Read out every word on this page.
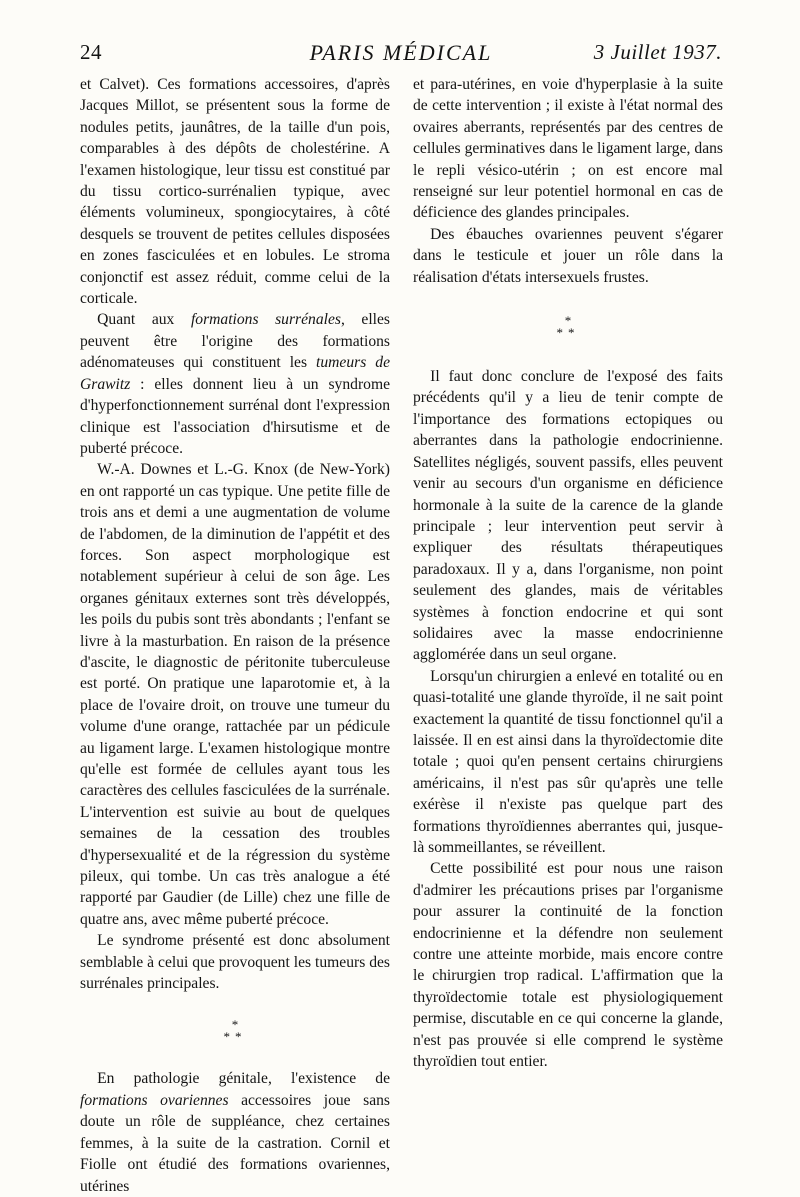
24	PARIS MÉDICAL	3 Juillet 1937.

et Calvet). Ces formations accessoires, d'après Jacques Millot, se présentent sous la forme de nodules petits, jaunâtres, de la taille d'un pois, comparables à des dépôts de cholestérine. A l'examen histologique, leur tissu est constitué par du tissu cortico-surrénalien typique, avec éléments volumineux, spongiocytaires, à côté desquels se trouvent de petites cellules disposées en zones fasciculées et en lobules. Le stroma conjonctif est assez réduit, comme celui de la corticale.

Quant aux formations surrénales, elles peuvent être l'origine des formations adénomateuses qui constituent les tumeurs de Grawitz : elles donnent lieu à un syndrome d'hyperfonctionnement surrénal dont l'expression clinique est l'association d'hirsutisme et de puberté précoce.

W.-A. Downes et L.-G. Knox (de New-York) en ont rapporté un cas typique. Une petite fille de trois ans et demi a une augmentation de volume de l'abdomen, de la diminution de l'appétit et des forces. Son aspect morphologique est notablement supérieur à celui de son âge. Les organes génitaux externes sont très développés, les poils du pubis sont très abondants ; l'enfant se livre à la masturbation. En raison de la présence d'ascite, le diagnostic de péritonite tuberculeuse est porté. On pratique une laparotomie et, à la place de l'ovaire droit, on trouve une tumeur du volume d'une orange, rattachée par un pédicule au ligament large. L'examen histologique montre qu'elle est formée de cellules ayant tous les caractères des cellules fasciculées de la surrénale. L'intervention est suivie au bout de quelques semaines de la cessation des troubles d'hypersexualité et de la régression du système pileux, qui tombe. Un cas très analogue a été rapporté par Gaudier (de Lille) chez une fille de quatre ans, avec même puberté précoce.

Le syndrome présenté est donc absolument semblable à celui que provoquent les tumeurs des surrénales principales.

*
**

En pathologie génitale, l'existence de formations ovariennes accessoires joue sans doute un rôle de suppléance, chez certaines femmes, à la suite de la castration. Cornil et Fiolle ont étudié des formations ovariennes, utérines

et para-utérines, en voie d'hyperplasie à la suite de cette intervention ; il existe à l'état normal des ovaires aberrants, représentés par des centres de cellules germinatives dans le ligament large, dans le repli vésico-utérin ; on est encore mal renseigné sur leur potentiel hormonal en cas de déficience des glandes principales.

Des ébauches ovariennes peuvent s'égarer dans le testicule et jouer un rôle dans la réalisation d'états intersexuels frustes.

*
**

Il faut donc conclure de l'exposé des faits précédents qu'il y a lieu de tenir compte de l'importance des formations ectopiques ou aberrantes dans la pathologie endocrinienne. Satellites négligés, souvent passifs, elles peuvent venir au secours d'un organisme en déficience hormonale à la suite de la carence de la glande principale ; leur intervention peut servir à expliquer des résultats thérapeutiques paradoxaux. Il y a, dans l'organisme, non point seulement des glandes, mais de véritables systèmes à fonction endocrine et qui sont solidaires avec la masse endocrinienne agglomérée dans un seul organe.

Lorsqu'un chirurgien a enlevé en totalité ou en quasi-totalité une glande thyroïde, il ne sait point exactement la quantité de tissu fonctionnel qu'il a laissée. Il en est ainsi dans la thyroïdectomie dite totale ; quoi qu'en pensent certains chirurgiens américains, il n'est pas sûr qu'après une telle exérèse il n'existe pas quelque part des formations thyroïdiennes aberrantes qui, jusque-là sommeillantes, se réveillent.

Cette possibilité est pour nous une raison d'admirer les précautions prises par l'organisme pour assurer la continuité de la fonction endocrinienne et la défendre non seulement contre une atteinte morbide, mais encore contre le chirurgien trop radical. L'affirmation que la thyroïdectomie totale est physiologiquement permise, discutable en ce qui concerne la glande, n'est pas prouvée si elle comprend le système thyroïdien tout entier.
